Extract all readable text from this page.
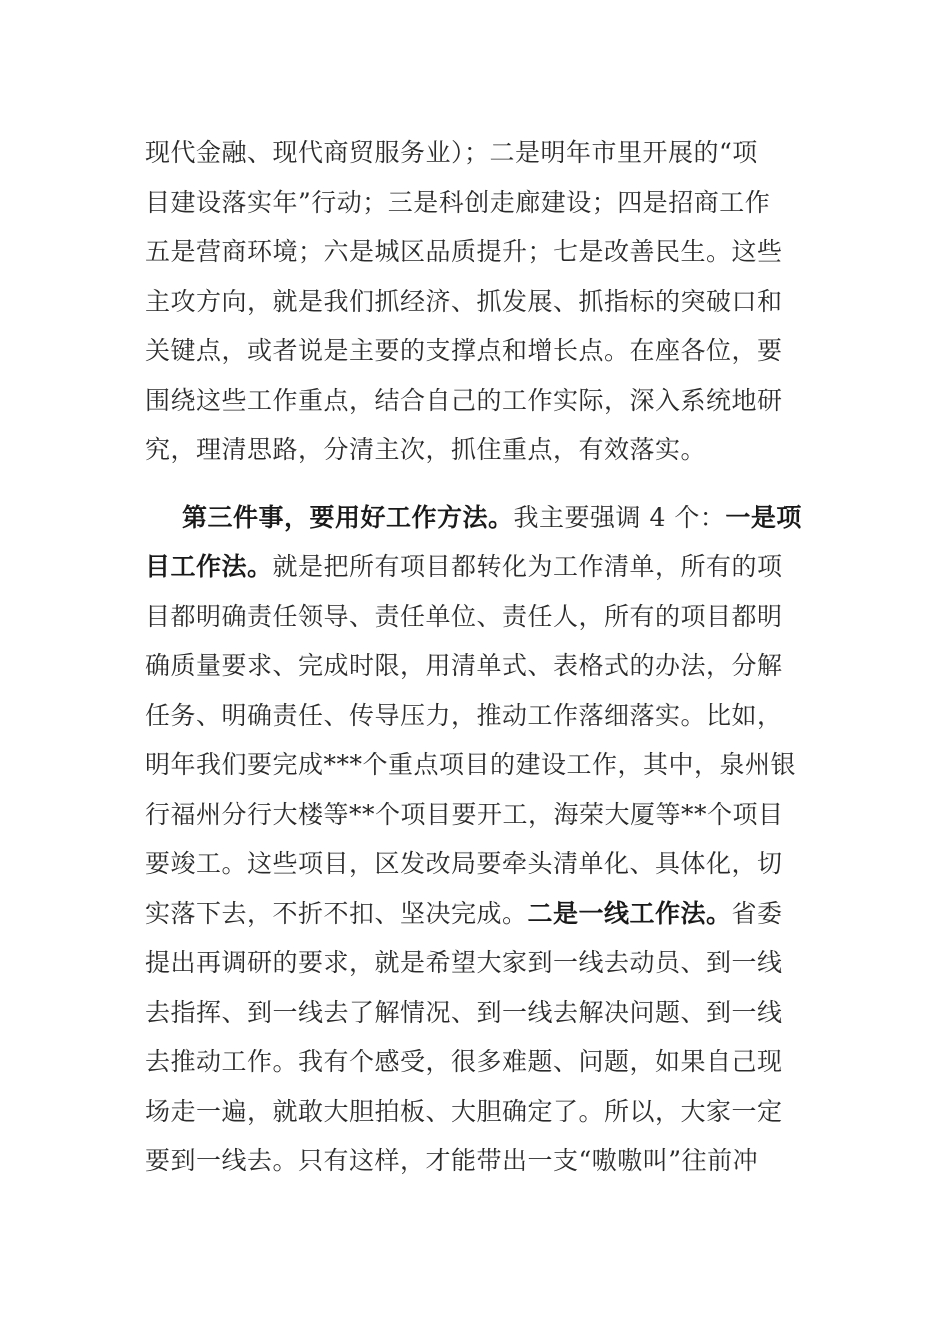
现代金融、现代商贸服务业）；二是明年市里开展的“项
目建设落实年”行动；三是科创走廊建设；四是招商工作
五是营商环境；六是城区品质提升；七是改善民生。这些
主攻方向，就是我们抓经济、抓发展、抓指标的突破口和
关键点，或者说是主要的支撑点和增长点。在座各位，要
围绕这些工作重点，结合自己的工作实际，深入系统地研
究，理清思路，分清主次，抓住重点，有效落实。
第三件事，要用好工作方法。我主要强调 4 个：一是项
目工作法。就是把所有项目都转化为工作清单，所有的项
目都明确责任领导、责任单位、责任人，所有的项目都明
确质量要求、完成时限，用清单式、表格式的办法，分解
任务、明确责任、传导压力，推动工作落细落实。比如，
明年我们要完成***个重点项目的建设工作，其中，泉州银
行福州分行大楼等**个项目要开工，海荣大厦等**个项目
要竣工。这些项目，区发改局要牵头清单化、具体化，切
实落下去，不折不扣、坚决完成。二是一线工作法。省委
提出再调研的要求，就是希望大家到一线去动员、到一线
去指挥、到一线去了解情况、到一线去解决问题、到一线
去推动工作。我有个感受，很多难题、问题，如果自己现
场走一遍，就敢大胆拍板、大胆确定了。所以，大家一定
要到一线去。只有这样，才能带出一支“嗷嗷叫”往前冲
